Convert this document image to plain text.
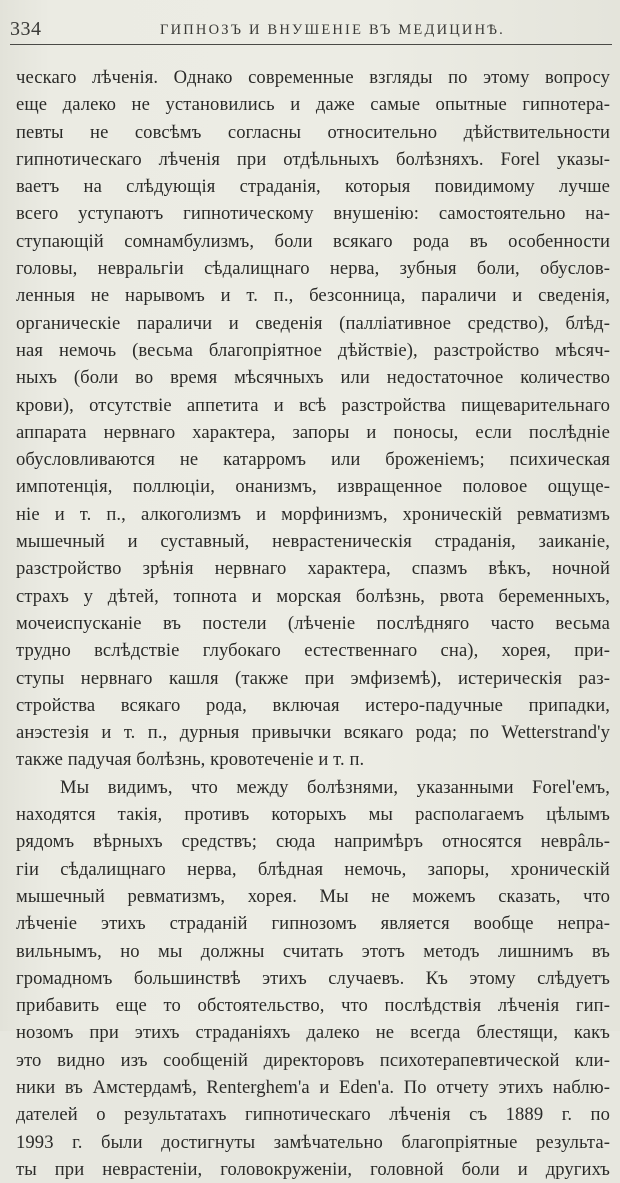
334	ГИПНОЗЪ И ВНУШЕНІЕ ВЪ МЕДИЦИНѢ.
ческаго лѣченія. Однако современные взгляды по этому вопросу
еще далеко не установились и даже самые опытные гипнотера-
певты не совсѣмъ согласны относительно дѣйствительности
гипнотическаго лѣченія при отдѣльныхъ болѣзняхъ. Forel указы-
ваетъ на слѣдующія страданія, которыя повидимому лучше
всего уступаютъ гипнотическому внушенію: самостоятельно на-
ступающій сомнамбулизмъ, боли всякаго рода въ особенности
головы, невральгіи сѣдалищнаго нерва, зубныя боли, обуслов-
ленныя не нарывомъ и т. п., безсонница, параличи и сведенія,
органическіе параличи и сведенія (паллiативное средство), блѣд-
ная немочь (весьма благопріятное дѣйствіе), разстройство мѣсяч-
ныхъ (боли во время мѣсячныхъ или недостаточное количество
крови), отсутствіе аппетита и всѣ разстройства пищеварительнаго
аппарата нервнаго характера, запоры и поносы, если послѣдніе
обусловливаются не катарромъ или броженіемъ; психическая
импотенція, поллюціи, онанизмъ, извращенное половое ощуще-
ніе и т. п., алкоголизмъ и морфинизмъ, хроническій ревматизмъ
мышечный и суставный, неврастеническія страданія, заиканіе,
разстройство зрѣнія нервнаго характера, спазмъ вѣкъ, ночной
страхъ у дѣтей, топнота и морская болѣзнь, рвота беременныхъ,
мочеиспусканіе въ постели (лѣченіе послѣдняго часто весьма
трудно вслѣдствіе глубокаго естественнаго сна), хорея, при-
ступы нервнаго кашля (также при эмфиземѣ), истерическія раз-
стройства всякаго рода, включая истеро-падучные припадки,
анэстезія и т. п., дурныя привычки всякаго рода; по Wetterstrand'у
также падучая болѣзнь, кровотеченіе и т. п.
Мы видимъ, что между болѣзнями, указанными Forel'емъ,
находятся такія, противъ которыхъ мы располагаемъ цѣлымъ
рядомъ вѣрныхъ средствъ; сюда напримѣръ относятся неврâль-
гіи сѣдалищнаго нерва, блѣдная немочь, запоры, хроническій
мышечный ревматизмъ, хорея. Мы не можемъ сказать, что
лѣченіе этихъ страданій гипнозомъ является вообще непра-
вильнымъ, но мы должны считать этотъ методъ лишнимъ въ
громадномъ большинствѣ этихъ случаевъ. Къ этому слѣдуетъ
прибавить еще то обстоятельство, что послѣдствія лѣченія гип-
нозомъ при этихъ страданіяхъ далеко не всегда блестящи, какъ
это видно изъ сообщеній директоровъ психотерапевтической кли-
ники въ Амстердамѣ, Renterghem'а и Eden'а. По отчету этихъ наблю-
дателей о результатахъ гипнотическаго лѣченія съ 1889 г. по
1993 г. были достигнуты замѣчательно благопріятные результа-
ты при неврастеніи, головокруженіи, головной боли и другихъ
